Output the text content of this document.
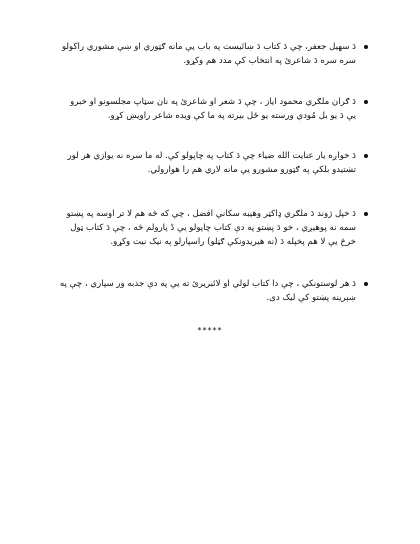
دَ سهيل جعفر، چې دَ کتاب دَ ښائيست په باب يې مانه ګټوري او ښې مشوري راکولو سره سره دَ شاعرئ په انتخاب کې مدد هم وکړو.
دَ ګران ملګري محمود اياز ، چې دَ شعر او شاعرئ په نان سټاپ مجلسونو او خبرو يې دَ يو بل مُودي ورسته يو ځل بيرته په ما کې ويده شاعر راويښ کړو.
دَ خواږه يار عنايت الله ضياء چې دَ کتاب په چاپولو کې. له ما سره نه يوازي هر لور تښتيدو بلکې په ګټورو مشورو يې مانه لاري هم را هوارولي.
دَ خپل ژوند دَ ملګري ډاکټر وهيبه سکانې افضل ، چې که څه هم لا تر اوسه په پښتو سمه نه پوهيږي ، خو دَ پښتو په دې کتاب چاپولو يې ڈ پارولم څه ، چې دَ کتاب ټول خرڅ يې لا هم پخپله دَ (نه هيريدونکې ګڼلو) راسپارلو په نيک نيت وکړو.
دَ هر لوستونکي ، چې دا کتاب لولي او لائبريرئ ته يې په دې جذبه ور سپاري ، چې په ښېرينه پښتو کې ليک دی.
*****
